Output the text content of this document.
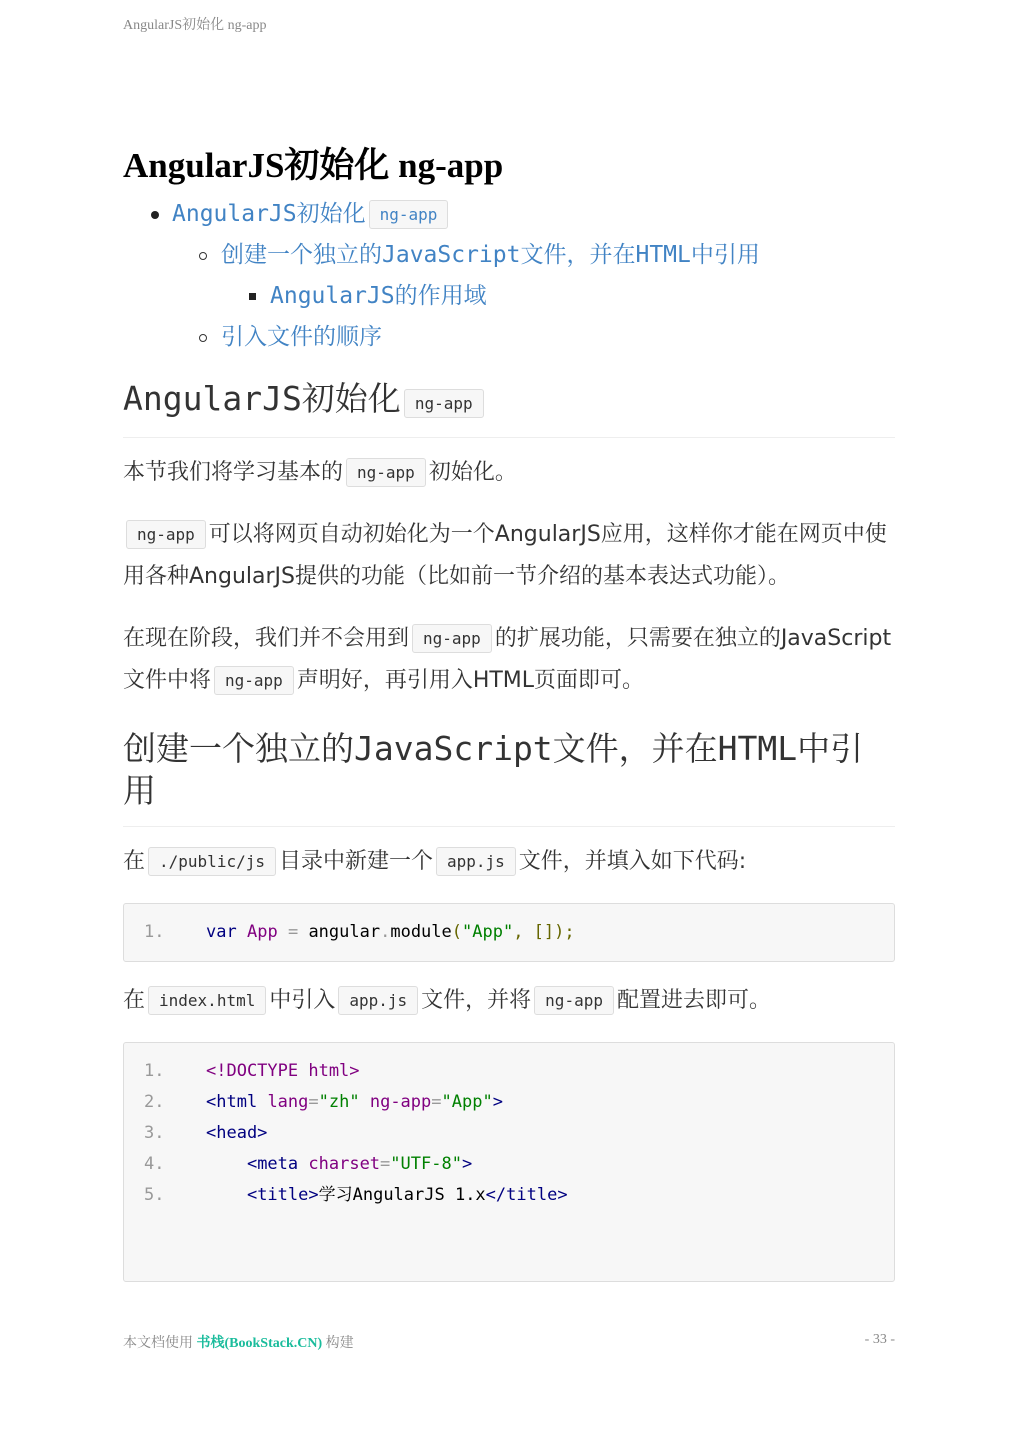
AngularJS初始化 ng-app
AngularJS初始化 ng-app
AngularJS初始化 ng-app
创建一个独立的JavaScript文件，并在HTML中引用
AngularJS的作用域
引入文件的顺序
AngularJS初始化 ng-app

本节我们将学习基本的 ng-app 初始化。

ng-app 可以将网页自动初始化为一个AngularJS应用，这样你才能在网页中使用各种AngularJS提供的功能（比如前一节介绍的基本表达式功能）。

在现在阶段，我们并不会用到 ng-app 的扩展功能，只需要在独立的JavaScript文件中将 ng-app 声明好，再引用入HTML页面即可。

创建一个独立的JavaScript文件，并在HTML中引用

在 ./public/js 目录中新建一个 app.js 文件，并填入如下代码:

1. var App = angular.module("App", []);

在 index.html 中引入 app.js 文件，并将 ng-app 配置进去即可。

1. <!DOCTYPE html>
2. <html lang="zh" ng-app="App">
3. <head>
4.	<meta charset="UTF-8">
5.	<title>学习AngularJS 1.x</title>
本文档使用 书栈(BookStack.CN) 构建	- 33 -
